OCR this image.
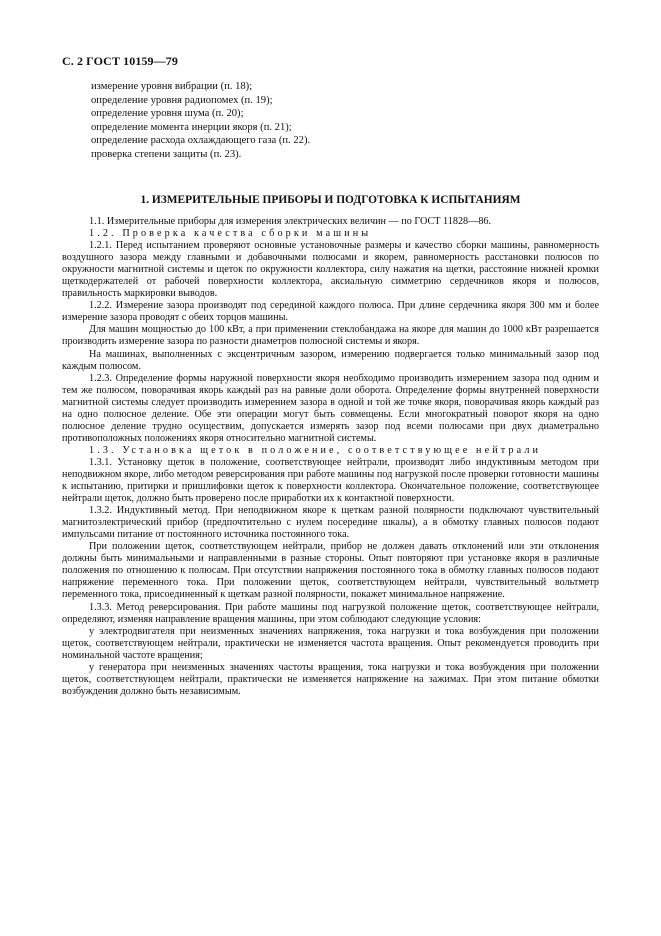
С. 2 ГОСТ 10159—79
измерение уровня вибрации (п. 18);
определение уровня радиопомех (п. 19);
определение уровня шума (п. 20);
определение момента инерции якоря (п. 21);
определение расхода охлаждающего газа (п. 22).
проверка степени защиты (п. 23).
1. ИЗМЕРИТЕЛЬНЫЕ ПРИБОРЫ И ПОДГОТОВКА К ИСПЫТАНИЯМ

1.1. Измерительные приборы для измерения электрических величин — по ГОСТ 11828—86.

1.2. Проверка качества сборки машины

1.2.1. Перед испытанием проверяют основные установочные размеры и качество сборки машины, равномерность воздушного зазора между главными и добавочными полюсами и якорем, равномерность расстановки полюсов по окружности магнитной системы и щеток по окружности коллектора, силу нажатия на щетки, расстояние нижней кромки щеткодержателей от рабочей поверхности коллектора, аксиальную симметрию сердечников якоря и полюсов, правильность маркировки выводов.

1.2.2. Измерение зазора производят под серединой каждого полюса. При длине сердечника якоря 300 мм и более измерение зазора проводят с обеих торцов машины.

Для машин мощностью до 100 кВт, а при применении стеклобандажа на якоре для машин до 1000 кВт разрешается производить измерение зазора по разности диаметров полюсной системы и якоря.

На машинах, выполненных с эксцентричным зазором, измерению подвергается только минимальный зазор под каждым полюсом.

1.2.3. Определение формы наружной поверхности якоря необходимо производить измерением зазора под одним и тем же полюсом, поворачивая якорь каждый раз на равные доли оборота. Определение формы внутренней поверхности магнитной системы следует производить измерением зазора в одной и той же точке якоря, поворачивая якорь каждый раз на одно полюсное деление. Обе эти операции могут быть совмещены. Если многократный поворот якоря на одно полюсное деление трудно осуществим, допускается измерять зазор под всеми полюсами при двух диаметрально противоположных положениях якоря относительно магнитной системы.

1.3. Установка щеток в положение, соответствующее нейтрали

1.3.1. Установку щеток в положение, соответствующее нейтрали, производят либо индуктивным методом при неподвижном якоре, либо методом реверсирования при работе машины под нагрузкой после проверки готовности машины к испытанию, притирки и пришлифовки щеток к поверхности коллектора. Окончательное положение, соответствующее нейтрали щеток, должно быть проверено после приработки их к контактной поверхности.

1.3.2. Индуктивный метод. При неподвижном якоре к щеткам разной полярности подключают чувствительный магнитоэлектрический прибор (предпочтительно с нулем посередине шкалы), а в обмотку главных полюсов подают импульсами питание от постоянного источника постоянного тока.

При положении щеток, соответствующем нейтрали, прибор не должен давать отклонений или эти отклонения должны быть минимальными и направленными в разные стороны. Опыт повторяют при установке якоря в различные положения по отношению к полюсам. При отсутствии напряжения постоянного тока в обмотку главных полюсов подают напряжение переменного тока. При положении щеток, соответствующем нейтрали, чувствительный вольтметр переменного тока, присоединенный к щеткам разной полярности, покажет минимальное напряжение.

1.3.3. Метод реверсирования. При работе машины под нагрузкой положение щеток, соответствующее нейтрали, определяют, изменяя направление вращения машины, при этом соблюдают следующие условия:

у электродвигателя при неизменных значениях напряжения, тока нагрузки и тока возбуждения при положении щеток, соответствующем нейтрали, практически не изменяется частота вращения. Опыт рекомендуется проводить при номинальной частоте вращения;

у генератора при неизменных значениях частоты вращения, тока нагрузки и тока возбуждения при положении щеток, соответствующем нейтрали, практически не изменяется напряжение на зажимах. При этом питание обмотки возбуждения должно быть независимым.
